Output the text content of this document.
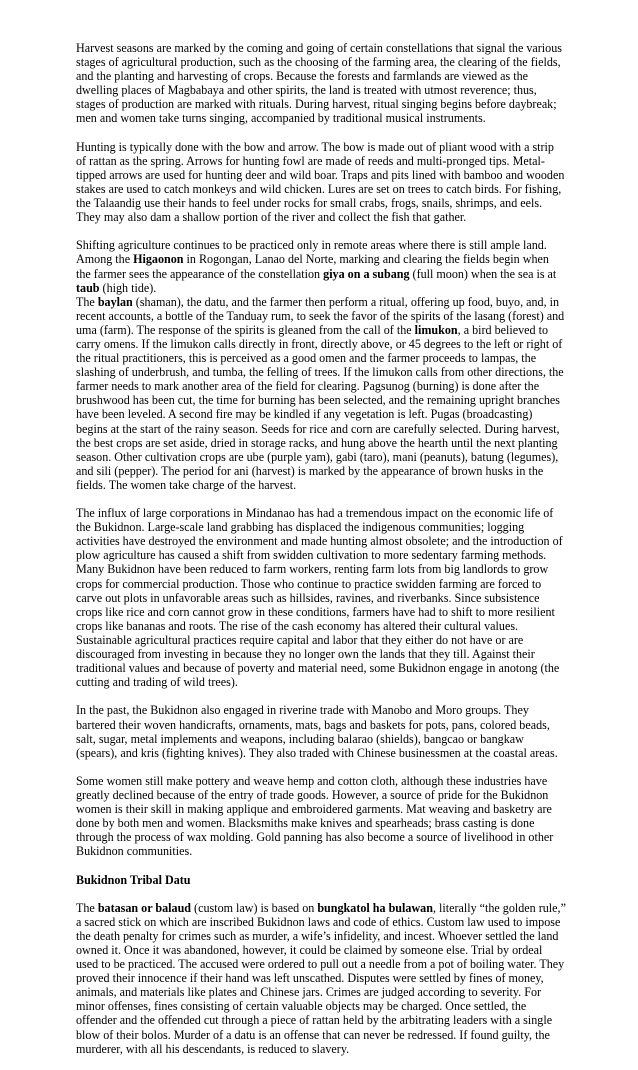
Harvest seasons are marked by the coming and going of certain constellations that signal the various stages of agricultural production, such as the choosing of the farming area, the clearing of the fields, and the planting and harvesting of crops. Because the forests and farmlands are viewed as the dwelling places of Magbabaya and other spirits, the land is treated with utmost reverence; thus, stages of production are marked with rituals. During harvest, ritual singing begins before daybreak; men and women take turns singing, accompanied by traditional musical instruments.

Hunting is typically done with the bow and arrow. The bow is made out of pliant wood with a strip of rattan as the spring. Arrows for hunting fowl are made of reeds and multi-pronged tips. Metal-tipped arrows are used for hunting deer and wild boar. Traps and pits lined with bamboo and wooden stakes are used to catch monkeys and wild chicken. Lures are set on trees to catch birds. For fishing, the Talaandig use their hands to feel under rocks for small crabs, frogs, snails, shrimps, and eels. They may also dam a shallow portion of the river and collect the fish that gather.

Shifting agriculture continues to be practiced only in remote areas where there is still ample land. Among the Higaonon in Rogongan, Lanao del Norte, marking and clearing the fields begin when the farmer sees the appearance of the constellation giya on a subang (full moon) when the sea is at taub (high tide).
The baylan (shaman), the datu, and the farmer then perform a ritual, offering up food, buyo, and, in recent accounts, a bottle of the Tanduay rum, to seek the favor of the spirits of the lasang (forest) and uma (farm). The response of the spirits is gleaned from the call of the limukon, a bird believed to carry omens. If the limukon calls directly in front, directly above, or 45 degrees to the left or right of the ritual practitioners, this is perceived as a good omen and the farmer proceeds to lampas, the slashing of underbrush, and tumba, the felling of trees. If the limukon calls from other directions, the farmer needs to mark another area of the field for clearing. Pagsunog (burning) is done after the brushwood has been cut, the time for burning has been selected, and the remaining upright branches have been leveled. A second fire may be kindled if any vegetation is left. Pugas (broadcasting) begins at the start of the rainy season. Seeds for rice and corn are carefully selected. During harvest, the best crops are set aside, dried in storage racks, and hung above the hearth until the next planting season. Other cultivation crops are ube (purple yam), gabi (taro), mani (peanuts), batung (legumes), and sili (pepper). The period for ani (harvest) is marked by the appearance of brown husks in the fields. The women take charge of the harvest.

The influx of large corporations in Mindanao has had a tremendous impact on the economic life of the Bukidnon. Large-scale land grabbing has displaced the indigenous communities; logging activities have destroyed the environment and made hunting almost obsolete; and the introduction of plow agriculture has caused a shift from swidden cultivation to more sedentary farming methods. Many Bukidnon have been reduced to farm workers, renting farm lots from big landlords to grow crops for commercial production. Those who continue to practice swidden farming are forced to carve out plots in unfavorable areas such as hillsides, ravines, and riverbanks. Since subsistence crops like rice and corn cannot grow in these conditions, farmers have had to shift to more resilient crops like bananas and roots. The rise of the cash economy has altered their cultural values. Sustainable agricultural practices require capital and labor that they either do not have or are discouraged from investing in because they no longer own the lands that they till. Against their traditional values and because of poverty and material need, some Bukidnon engage in anotong (the cutting and trading of wild trees).

In the past, the Bukidnon also engaged in riverine trade with Manobo and Moro groups. They bartered their woven handicrafts, ornaments, mats, bags and baskets for pots, pans, colored beads, salt, sugar, metal implements and weapons, including balarao (shields), bangcao or bangkaw (spears), and kris (fighting knives). They also traded with Chinese businessmen at the coastal areas.

Some women still make pottery and weave hemp and cotton cloth, although these industries have greatly declined because of the entry of trade goods. However, a source of pride for the Bukidnon women is their skill in making applique and embroidered garments. Mat weaving and basketry are done by both men and women. Blacksmiths make knives and spearheads; brass casting is done through the process of wax molding. Gold panning has also become a source of livelihood in other Bukidnon communities.

Bukidnon Tribal Datu

The batasan or balaud (custom law) is based on bungkatol ha bulawan, literally “the golden rule,” a sacred stick on which are inscribed Bukidnon laws and code of ethics. Custom law used to impose the death penalty for crimes such as murder, a wife’s infidelity, and incest. Whoever settled the land owned it. Once it was abandoned, however, it could be claimed by someone else. Trial by ordeal used to be practiced. The accused were ordered to pull out a needle from a pot of boiling water. They proved their innocence if their hand was left unscathed. Disputes were settled by fines of money, animals, and materials like plates and Chinese jars. Crimes are judged according to severity. For minor offenses, fines consisting of certain valuable objects may be charged. Once settled, the offender and the offended cut through a piece of rattan held by the arbitrating leaders with a single blow of their bolos. Murder of a datu is an offense that can never be redressed. If found guilty, the murderer, with all his descendants, is reduced to slavery.
